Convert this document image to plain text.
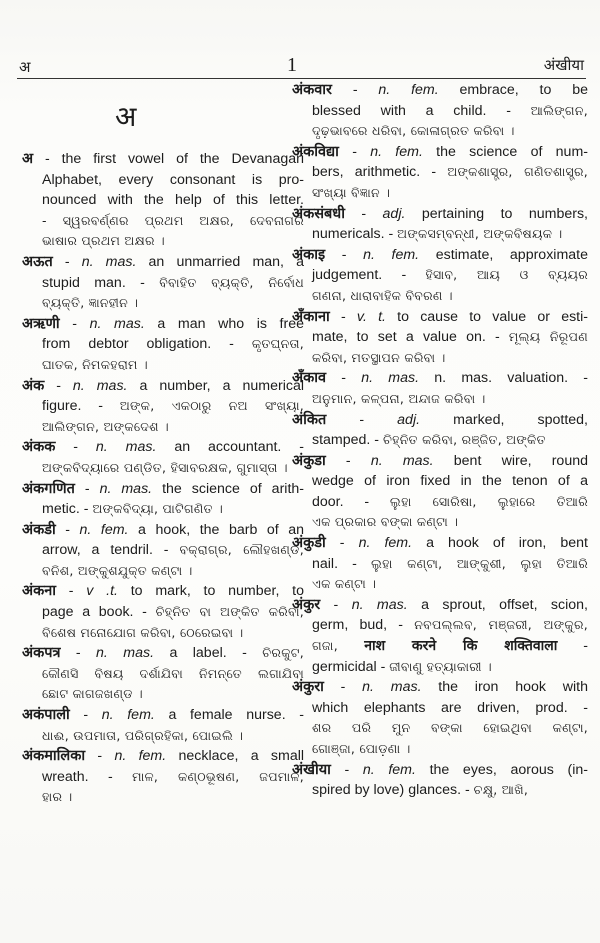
अ	1	अंखीया
अ

अ - the first vowel of the Devanagari
Alphabet, every consonant is pro-
nounced with the help of this letter.
- ସ୍ୱରବର୍ଣ୍ଣର ପ୍ରଥମ ଅକ୍ଷର, ଦେବନାଗରି
ଭାଷାର ପ୍ରଥମ ଅକ୍ଷର ।

अऊत - n. mas. an unmarried man, a
stupid man. - ବିବାହିତ ବ୍ୟକ୍ତି, ନିର୍ବୋଧ
ବ୍ୟକ୍ତି, ଜ୍ଞାନହୀନ ।

अऋणी - n. mas. a man who is free
from debtor obligation. - କୃତଘ୍ନତା,
ଘାତକ, ନିମକହରାମ ।

अंक - n. mas. a number, a numerical
figure. - ଅଙ୍କ, ଏକଠାରୁ ନଅ ସଂଖ୍ୟା,
ଆଲିଙ୍ଗନ, ଅଙ୍କଦେଶ ।

अंकक - n. mas. an accountant. -
ଅଙ୍କବିଦ୍ୟାରେ ପଣ୍ଡିତ, ହିସାବରକ୍ଷକ, ଗୁମାସ୍ତା ।

अंकगणित - n. mas. the science of arith-
metic. - ଅଙ୍କବିଦ୍ୟା, ପାଟିଗଣିତ ।

अंकडी - n. fem. a hook, the barb of an
arrow, a tendril. - ବକ୍ରାଗ୍ର, ଲୌହଖଣ୍ଡ,
ବନିଶ, ଅଙ୍କୁଶଯୁକ୍ତ କଣ୍ଟା ।

अंकना - v .t. to mark, to number, to
page a book. - ଚିହ୍ନିତ ବା ଅଙ୍କିତ କରିବା,
ବିଶେଷ ମନୋଯୋଗ କରିବା, ଠେରେଇବା ।

अंकपत्र - n. mas. a label. - ଚିରକୁଟ,
କୌଣସି ବିଷୟ ଦର୍ଶାଯିବା ନିମନ୍ତେ ଲଗାଯିବା
ଛୋଟ କାଗଜଖଣ୍ଡ ।

अकंपाली - n. fem. a female nurse. -
ଧାଈ, ଉପମାତା, ପରିଗ୍ରହିକା, ପୋଇଲି ।

अंकमालिका - n. fem. necklace, a small
wreath. - ମାଳ, କଣ୍ଠଭୂଷଣ, ଜପମାଳ,
ହାର ।

अंकवार - n. fem. embrace, to be
blessed with a child. - ଆଲିଙ୍ଗନ,
ଦୃଢ଼ଭାବରେ ଧରିବା, କୋଳାଗ୍ରତ କରିବା ।

अंकविद्या - n. fem. the science of num-
bers, arithmetic. - ଅଙ୍କଶାସ୍ତ୍ର, ଗଣିତଶାସ୍ତ୍ର,
ସଂଖ୍ୟା ବିଜ୍ଞାନ ।

अंकसंबधी - adj. pertaining to numbers,
numericals. - ଅଙ୍କସମ୍ବନ୍ଧୀ, ଅଙ୍କବିଷୟକ ।

अंकाइ - n. fem. estimate, approximate
judgement. - ହିସାବ, ଆୟ ଓ ବ୍ୟୟର
ଗଣନା, ଧାରାବାହିକ ବିବରଣ ।

अँकाना - v. t. to cause to value or esti-
mate, to set a value on. - ମୂଲ୍ୟ ନିରୂପଣ
କରିବା, ମତସ୍ଥାପନ କରିବା ।

अँकाव - n. mas. n. mas. valuation. -
ଅନୁମାନ, କଳ୍ପନା, ଅନ୍ଦାଜ କରିବା ।

अंकित - adj. marked, spotted,
stamped. - ଚିହ୍ନିତ କରିବା, ରଞ୍ଜିତ, ଅଙ୍କିତ

अंकुडा - n. mas. bent wire, round
wedge of iron fixed in the tenon of a
door. - ଲୁହା ସୋରିଷା, ଲୁହାରେ ତିଆରି
ଏକ ପ୍ରକାର ବଙ୍କା କଣ୍ଟା ।

अंकुडी - n. fem. a hook of iron, bent
nail. - ଲୁହା କଣ୍ଟା, ଆଙ୍କୁଶୀ, ଲୁହା ତିଆରି
ଏକ କଣ୍ଟା ।

अंकुर - n. mas. a sprout, offset, scion,
germ, bud, - ନବପଲ୍ଲବ, ମଞ୍ଜରୀ, ଅଙ୍କୁର,
ଗଜା, नाश करने कि शक्तिवाला -
germicidal - ଜୀବାଣୁ ହତ୍ୟାକାରୀ ।

अंकुरा - n. mas. the iron hook with
which elephants are driven, prod. -
ଶର ପରି ମୁନ ବଙ୍କା ହୋଇଥିବା କଣ୍ଟା,
ଗୋଞ୍ଜା, ପୋଡ଼ଣା ।

अंखीया - n. fem. the eyes, aorous (in-
spired by love) glances. - ଚକ୍ଷୁ, ଆଖି,
